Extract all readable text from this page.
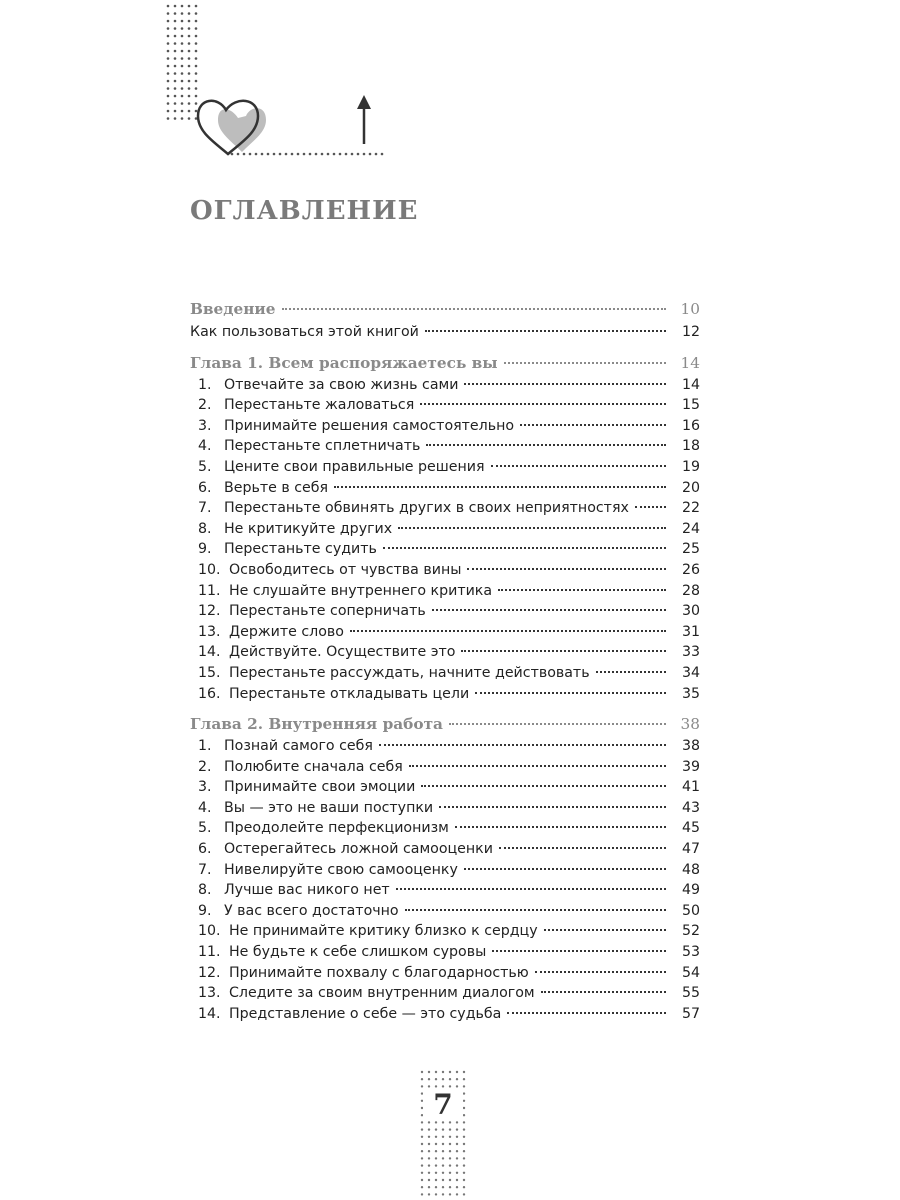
ОГЛАВЛЕНИЕ
Введение	10
Как пользоваться этой книгой	12
Глава 1. Всем распоряжаетесь вы	14
1. Отвечайте за свою жизнь сами	14
2. Перестаньте жаловаться	15
3. Принимайте решения самостоятельно	16
4. Перестаньте сплетничать	18
5. Цените свои правильные решения	19
6. Верьте в себя	20
7. Перестаньте обвинять других в своих неприятностях	22
8. Не критикуйте других	24
9. Перестаньте судить	25
10. Освободитесь от чувства вины	26
11. Не слушайте внутреннего критика	28
12. Перестаньте соперничать	30
13. Держите слово	31
14. Действуйте. Осуществите это	33
15. Перестаньте рассуждать, начните действовать	34
16. Перестаньте откладывать цели	35
Глава 2. Внутренняя работа	38
1. Познай самого себя	38
2. Полюбите сначала себя	39
3. Принимайте свои эмоции	41
4. Вы — это не ваши поступки	43
5. Преодолейте перфекционизм	45
6. Остерегайтесь ложной самооценки	47
7. Нивелируйте свою самооценку	48
8. Лучше вас никого нет	49
9. У вас всего достаточно	50
10. Не принимайте критику близко к сердцу	52
11. Не будьте к себе слишком суровы	53
12. Принимайте похвалу с благодарностью	54
13. Следите за своим внутренним диалогом	55
14. Представление о себе — это судьба	57
7
